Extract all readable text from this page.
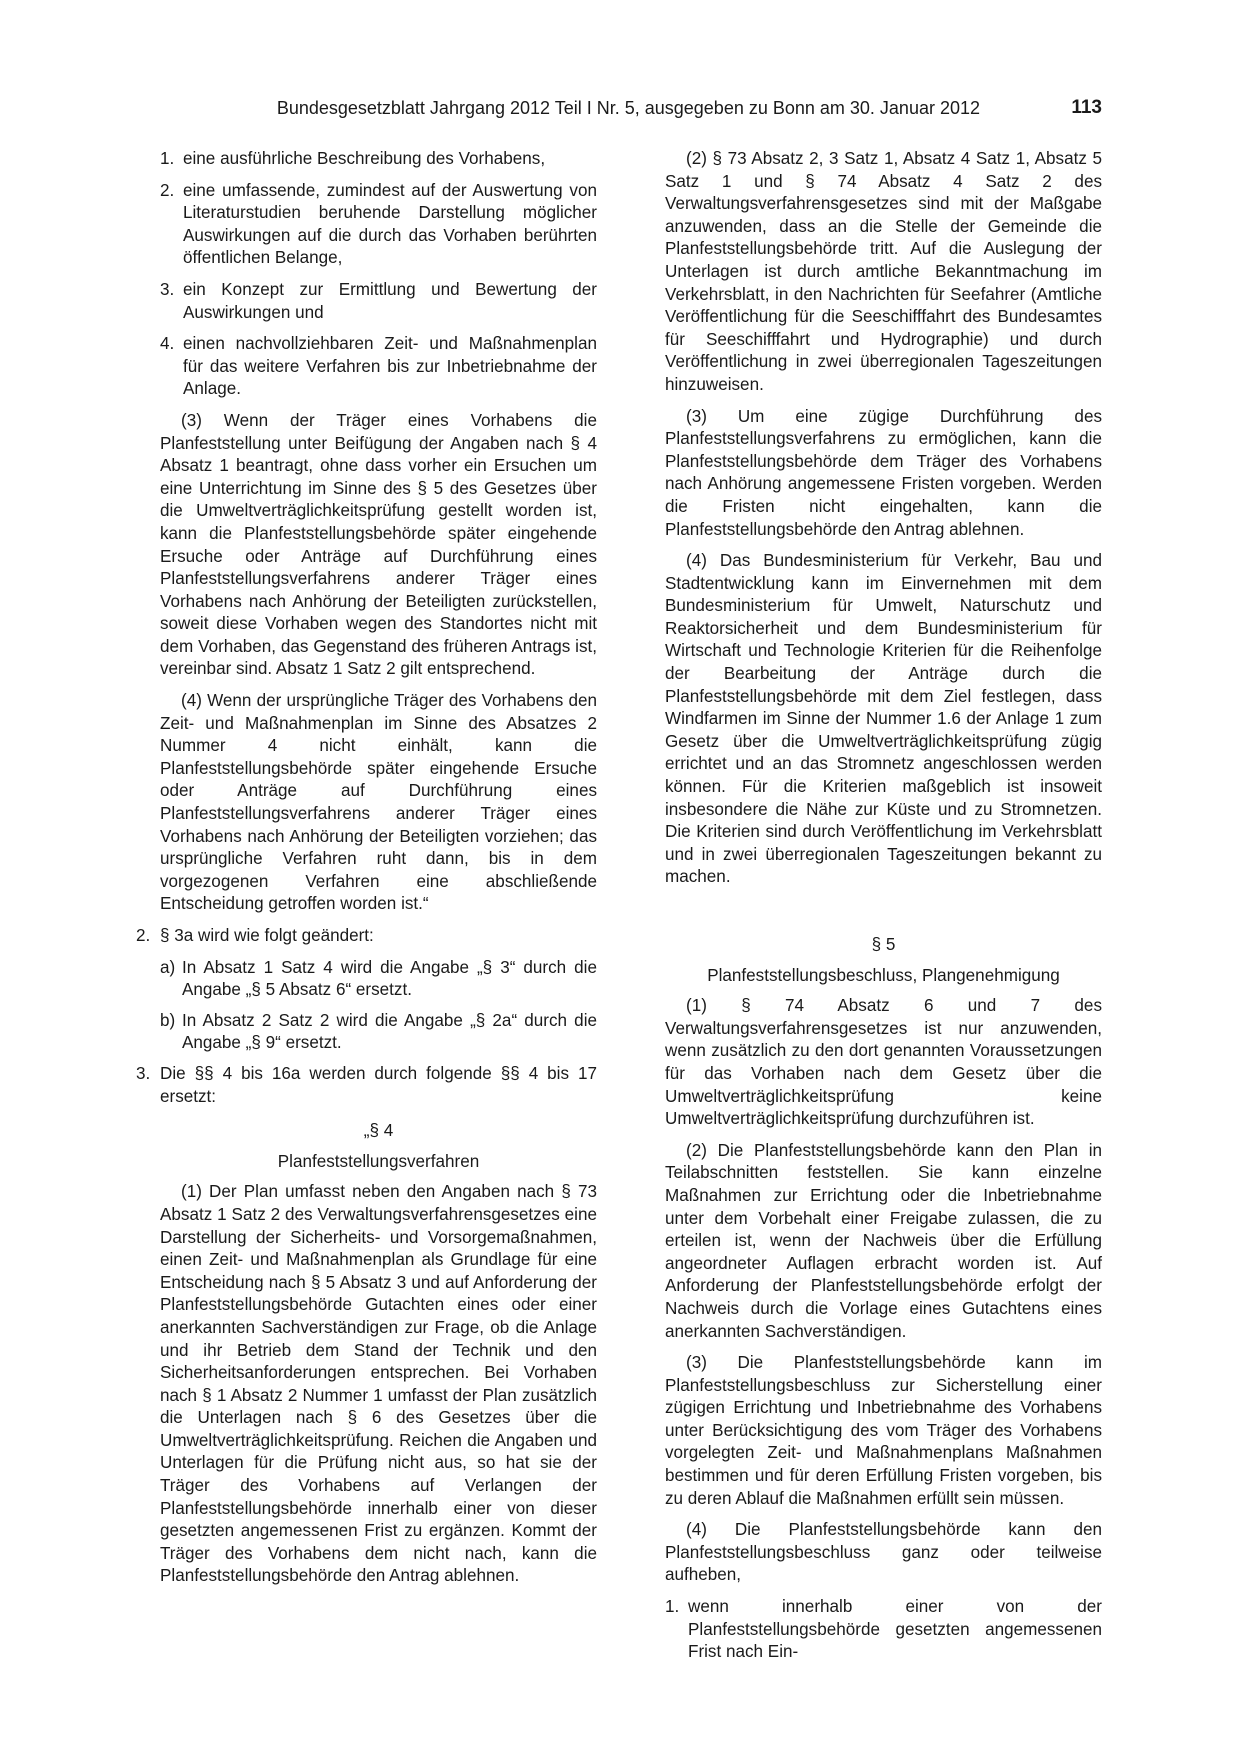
Bundesgesetzblatt Jahrgang 2012 Teil I Nr. 5, ausgegeben zu Bonn am 30. Januar 2012	113
1. eine ausführliche Beschreibung des Vorhabens,
2. eine umfassende, zumindest auf der Auswertung von Literaturstudien beruhende Darstellung möglicher Auswirkungen auf die durch das Vorhaben berührten öffentlichen Belange,
3. ein Konzept zur Ermittlung und Bewertung der Auswirkungen und
4. einen nachvollziehbaren Zeit- und Maßnahmenplan für das weitere Verfahren bis zur Inbetriebnahme der Anlage.

(3) Wenn der Träger eines Vorhabens die Planfeststellung unter Beifügung der Angaben nach § 4 Absatz 1 beantragt, ohne dass vorher ein Ersuchen um eine Unterrichtung im Sinne des § 5 des Gesetzes über die Umweltverträglichkeitsprüfung gestellt worden ist, kann die Planfeststellungsbehörde später eingehende Ersuche oder Anträge auf Durchführung eines Planfeststellungsverfahrens anderer Träger eines Vorhabens nach Anhörung der Beteiligten zurückstellen, soweit diese Vorhaben wegen des Standortes nicht mit dem Vorhaben, das Gegenstand des früheren Antrags ist, vereinbar sind. Absatz 1 Satz 2 gilt entsprechend.

(4) Wenn der ursprüngliche Träger des Vorhabens den Zeit- und Maßnahmenplan im Sinne des Absatzes 2 Nummer 4 nicht einhält, kann die Planfeststellungsbehörde später eingehende Ersuche oder Anträge auf Durchführung eines Planfeststellungsverfahrens anderer Träger eines Vorhabens nach Anhörung der Beteiligten vorziehen; das ursprüngliche Verfahren ruht dann, bis in dem vorgezogenen Verfahren eine abschließende Entscheidung getroffen worden ist.“

2. § 3a wird wie folgt geändert:
a) In Absatz 1 Satz 4 wird die Angabe „§ 3“ durch die Angabe „§ 5 Absatz 6“ ersetzt.
b) In Absatz 2 Satz 2 wird die Angabe „§ 2a“ durch die Angabe „§ 9“ ersetzt.
3. Die §§ 4 bis 16a werden durch folgende §§ 4 bis 17 ersetzt:

„§ 4

Planfeststellungsverfahren

(1) Der Plan umfasst neben den Angaben nach § 73 Absatz 1 Satz 2 des Verwaltungsverfahrensgesetzes eine Darstellung der Sicherheits- und Vorsorgemaßnahmen, einen Zeit- und Maßnahmenplan als Grundlage für eine Entscheidung nach § 5 Absatz 3 und auf Anforderung der Planfeststellungsbehörde Gutachten eines oder einer anerkannten Sachverständigen zur Frage, ob die Anlage und ihr Betrieb dem Stand der Technik und den Sicherheitsanforderungen entsprechen. Bei Vorhaben nach § 1 Absatz 2 Nummer 1 umfasst der Plan zusätzlich die Unterlagen nach § 6 des Gesetzes über die Umweltverträglichkeitsprüfung. Reichen die Angaben und Unterlagen für die Prüfung nicht aus, so hat sie der Träger des Vorhabens auf Verlangen der Planfeststellungsbehörde innerhalb einer von dieser gesetzten angemessenen Frist zu ergänzen. Kommt der Träger des Vorhabens dem nicht nach, kann die Planfeststellungsbehörde den Antrag ablehnen.

(2) § 73 Absatz 2, 3 Satz 1, Absatz 4 Satz 1, Absatz 5 Satz 1 und § 74 Absatz 4 Satz 2 des Verwaltungsverfahrensgesetzes sind mit der Maßgabe anzuwenden, dass an die Stelle der Gemeinde die Planfeststellungsbehörde tritt. Auf die Auslegung der Unterlagen ist durch amtliche Bekanntmachung im Verkehrsblatt, in den Nachrichten für Seefahrer (Amtliche Veröffentlichung für die Seeschifffahrt des Bundesamtes für Seeschifffahrt und Hydrographie) und durch Veröffentlichung in zwei überregionalen Tageszeitungen hinzuweisen.

(3) Um eine zügige Durchführung des Planfeststellungsverfahrens zu ermöglichen, kann die Planfeststellungsbehörde dem Träger des Vorhabens nach Anhörung angemessene Fristen vorgeben. Werden die Fristen nicht eingehalten, kann die Planfeststellungsbehörde den Antrag ablehnen.

(4) Das Bundesministerium für Verkehr, Bau und Stadtentwicklung kann im Einvernehmen mit dem Bundesministerium für Umwelt, Naturschutz und Reaktorsicherheit und dem Bundesministerium für Wirtschaft und Technologie Kriterien für die Reihenfolge der Bearbeitung der Anträge durch die Planfeststellungsbehörde mit dem Ziel festlegen, dass Windfarmen im Sinne der Nummer 1.6 der Anlage 1 zum Gesetz über die Umweltverträglichkeitsprüfung zügig errichtet und an das Stromnetz angeschlossen werden können. Für die Kriterien maßgeblich ist insoweit insbesondere die Nähe zur Küste und zu Stromnetzen. Die Kriterien sind durch Veröffentlichung im Verkehrsblatt und in zwei überregionalen Tageszeitungen bekannt zu machen.

§ 5

Planfeststellungsbeschluss, Plangenehmigung

(1) § 74 Absatz 6 und 7 des Verwaltungsverfahrensgesetzes ist nur anzuwenden, wenn zusätzlich zu den dort genannten Voraussetzungen für das Vorhaben nach dem Gesetz über die Umweltverträglichkeitsprüfung keine Umweltverträglichkeitsprüfung durchzuführen ist.

(2) Die Planfeststellungsbehörde kann den Plan in Teilabschnitten feststellen. Sie kann einzelne Maßnahmen zur Errichtung oder die Inbetriebnahme unter dem Vorbehalt einer Freigabe zulassen, die zu erteilen ist, wenn der Nachweis über die Erfüllung angeordneter Auflagen erbracht worden ist. Auf Anforderung der Planfeststellungsbehörde erfolgt der Nachweis durch die Vorlage eines Gutachtens eines anerkannten Sachverständigen.

(3) Die Planfeststellungsbehörde kann im Planfeststellungsbeschluss zur Sicherstellung einer zügigen Errichtung und Inbetriebnahme des Vorhabens unter Berücksichtigung des vom Träger des Vorhabens vorgelegten Zeit- und Maßnahmenplans Maßnahmen bestimmen und für deren Erfüllung Fristen vorgeben, bis zu deren Ablauf die Maßnahmen erfüllt sein müssen.

(4) Die Planfeststellungsbehörde kann den Planfeststellungsbeschluss ganz oder teilweise aufheben,

1. wenn innerhalb einer von der Planfeststellungsbehörde gesetzten angemessenen Frist nach Ein-
